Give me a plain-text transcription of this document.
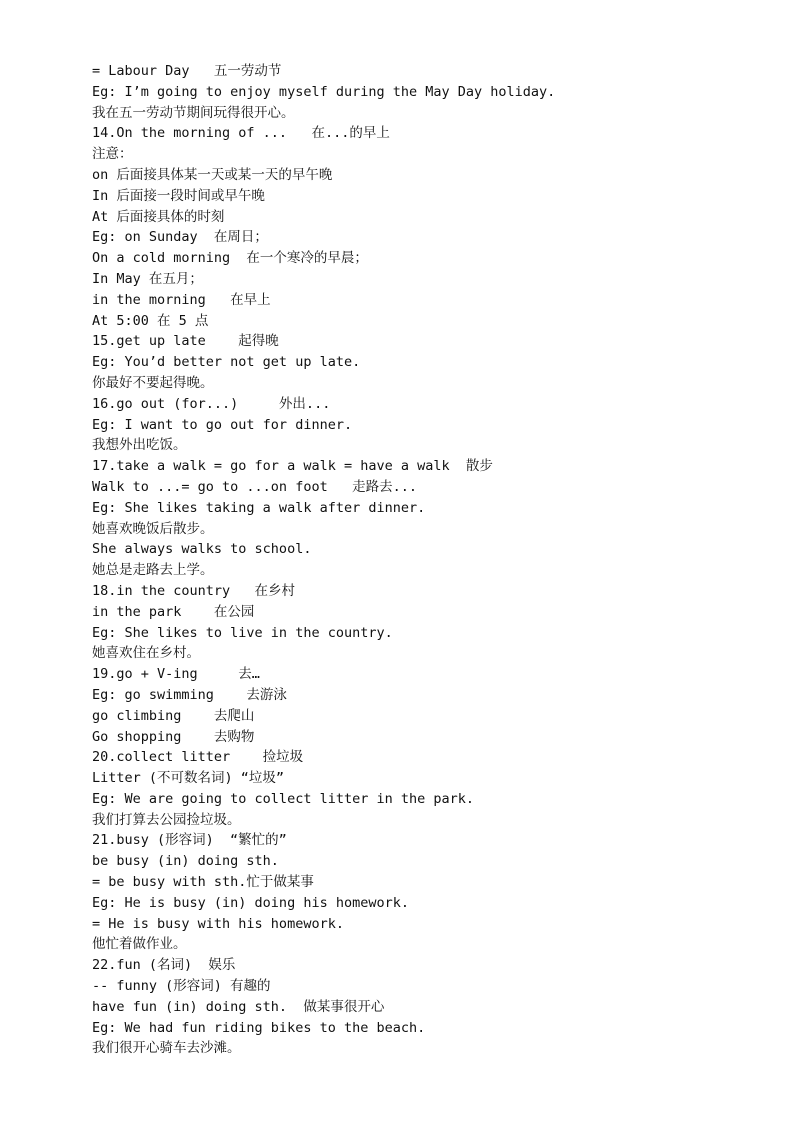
= Labour Day   五一劳动节
Eg: I’m going to enjoy myself during the May Day holiday.
我在五一劳动节期间玩得很开心。
14.On the morning of ...   在...的早上
注意：
on 后面接具体某一天或某一天的早午晚
In 后面接一段时间或早午晚
At 后面接具体的时刻
Eg: on Sunday  在周日；
On a cold morning  在一个寒冷的早晨；
In May 在五月；
in the morning   在早上
At 5:00 在 5 点
15.get up late    起得晚
Eg: You’d better not get up late.
你最好不要起得晚。
16.go out (for...)     外出...
Eg: I want to go out for dinner.
我想外出吃饭。
17.take a walk = go for a walk = have a walk  散步
Walk to ...= go to ...on foot   走路去...
Eg: She likes taking a walk after dinner.
她喜欢晚饭后散步。
She always walks to school.
她总是走路去上学。
18.in the country   在乡村
in the park    在公园
Eg: She likes to live in the country.
她喜欢住在乡村。
19.go + V-ing     去…
Eg: go swimming    去游泳
go climbing    去爬山
Go shopping    去购物
20.collect litter    捡垃圾
Litter (不可数名词) “垃圾”
Eg: We are going to collect litter in the park.
我们打算去公园捡垃圾。
21.busy (形容词)  “繁忙的”
be busy (in) doing sth.
= be busy with sth.忙于做某事
Eg: He is busy (in) doing his homework.
= He is busy with his homework.
他忙着做作业。
22.fun (名词)  娱乐
-- funny (形容词) 有趣的
have fun (in) doing sth.  做某事很开心
Eg: We had fun riding bikes to the beach.
我们很开心骑车去沙滩。
